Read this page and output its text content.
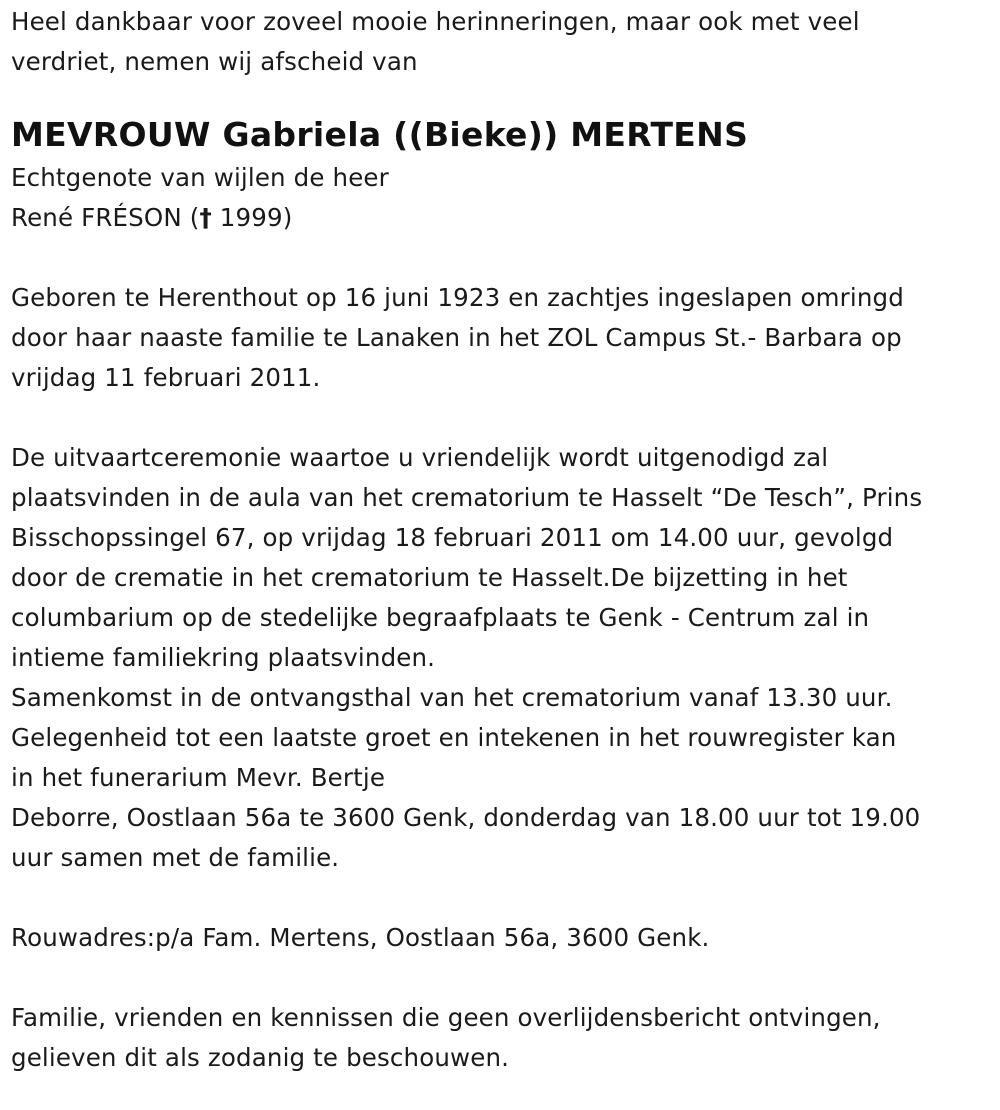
Heel dankbaar voor zoveel mooie herinneringen, maar ook met veel
verdriet, nemen wij afscheid van
MEVROUW Gabriela ((Bieke)) MERTENS
Echtgenote van wijlen de heer
René FRÉSON († 1999)
Geboren te Herenthout op 16 juni 1923 en zachtjes ingeslapen omringd
door haar naaste familie te Lanaken in het ZOL Campus St.- Barbara op
vrijdag 11 februari 2011.
De uitvaartceremonie waartoe u vriendelijk wordt uitgenodigd zal
plaatsvinden in de aula van het crematorium te Hasselt “De Tesch”, Prins
Bisschopssingel 67, op vrijdag 18 februari 2011 om 14.00 uur, gevolgd
door de crematie in het crematorium te Hasselt.De bijzetting in het
columbarium op de stedelijke begraafplaats te Genk - Centrum zal in
intieme familiekring plaatsvinden.
Samenkomst in de ontvangsthal van het crematorium vanaf 13.30 uur.
Gelegenheid tot een laatste groet en intekenen in het rouwregister kan
in het funerarium Mevr. Bertje
Deborre, Oostlaan 56a te 3600 Genk, donderdag van 18.00 uur tot 19.00
uur samen met de familie.
Rouwadres:p/a Fam. Mertens, Oostlaan 56a, 3600 Genk.
Familie, vrienden en kennissen die geen overlijdensbericht ontvingen,
gelieven dit als zodanig te beschouwen.
